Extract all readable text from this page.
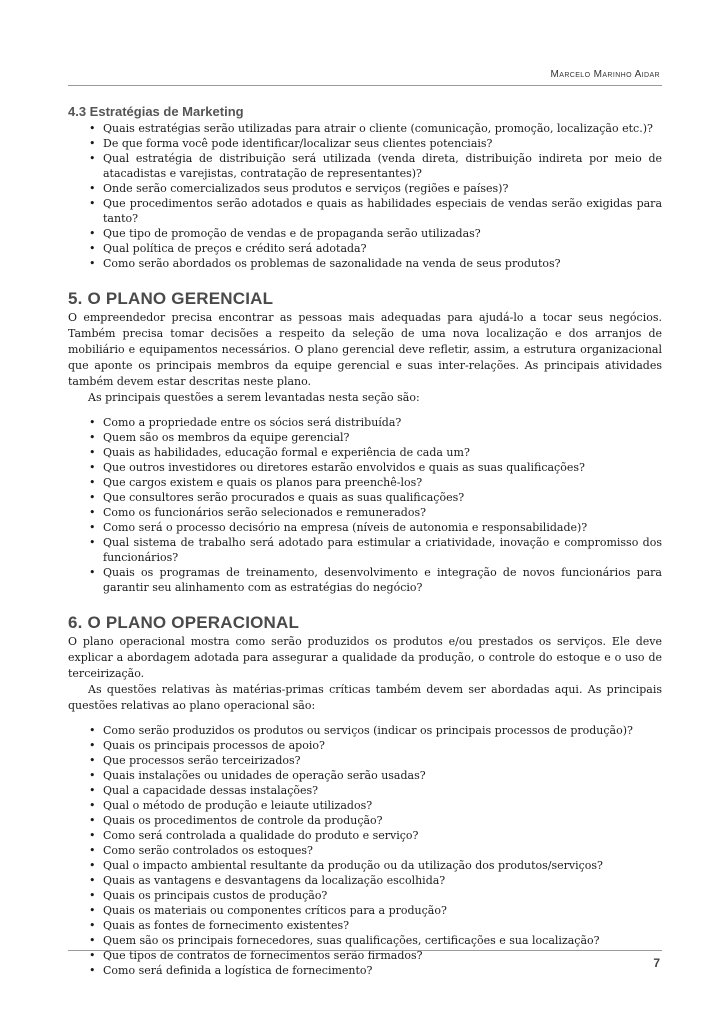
Marcelo Marinho Aidar
4.3 Estratégias de Marketing
• Quais estratégias serão utilizadas para atrair o cliente (comunicação, promoção, localização etc.)?
• De que forma você pode identificar/localizar seus clientes potenciais?
• Qual estratégia de distribuição será utilizada (venda direta, distribuição indireta por meio de atacadistas e varejistas, contratação de representantes)?
• Onde serão comercializados seus produtos e serviços (regiões e países)?
• Que procedimentos serão adotados e quais as habilidades especiais de vendas serão exigidas para tanto?
• Que tipo de promoção de vendas e de propaganda serão utilizadas?
• Qual política de preços e crédito será adotada?
• Como serão abordados os problemas de sazonalidade na venda de seus produtos?
5. O PLANO GERENCIAL

O empreendedor precisa encontrar as pessoas mais adequadas para ajudá-lo a tocar seus negócios. Também precisa tomar decisões a respeito da seleção de uma nova localização e dos arranjos de mobiliário e equipamentos necessários. O plano gerencial deve refletir, assim, a estrutura organizacional que aponte os principais membros da equipe gerencial e suas inter-relações. As principais atividades também devem estar descritas neste plano.

As principais questões a serem levantadas nesta seção são:

• Como a propriedade entre os sócios será distribuída?
• Quem são os membros da equipe gerencial?
• Quais as habilidades, educação formal e experiência de cada um?
• Que outros investidores ou diretores estarão envolvidos e quais as suas qualificações?
• Que cargos existem e quais os planos para preenchê-los?
• Que consultores serão procurados e quais as suas qualificações?
• Como os funcionários serão selecionados e remunerados?
• Como será o processo decisório na empresa (níveis de autonomia e responsabilidade)?
• Qual sistema de trabalho será adotado para estimular a criatividade, inovação e compromisso dos funcionários?
• Quais os programas de treinamento, desenvolvimento e integração de novos funcionários para garantir seu alinhamento com as estratégias do negócio?
6. O PLANO OPERACIONAL

O plano operacional mostra como serão produzidos os produtos e/ou prestados os serviços. Ele deve explicar a abordagem adotada para assegurar a qualidade da produção, o controle do estoque e o uso de terceirização.

As questões relativas às matérias-primas críticas também devem ser abordadas aqui. As principais questões relativas ao plano operacional são:

• Como serão produzidos os produtos ou serviços (indicar os principais processos de produção)?
• Quais os principais processos de apoio?
• Que processos serão terceirizados?
• Quais instalações ou unidades de operação serão usadas?
• Qual a capacidade dessas instalações?
• Qual o método de produção e leiaute utilizados?
• Quais os procedimentos de controle da produção?
• Como será controlada a qualidade do produto e serviço?
• Como serão controlados os estoques?
• Qual o impacto ambiental resultante da produção ou da utilização dos produtos/serviços?
• Quais as vantagens e desvantagens da localização escolhida?
• Quais os principais custos de produção?
• Quais os materiais ou componentes críticos para a produção?
• Quais as fontes de fornecimento existentes?
• Quem são os principais fornecedores, suas qualificações, certificações e sua localização?
• Que tipos de contratos de fornecimentos serão firmados?
• Como será definida a logística de fornecimento?
7
